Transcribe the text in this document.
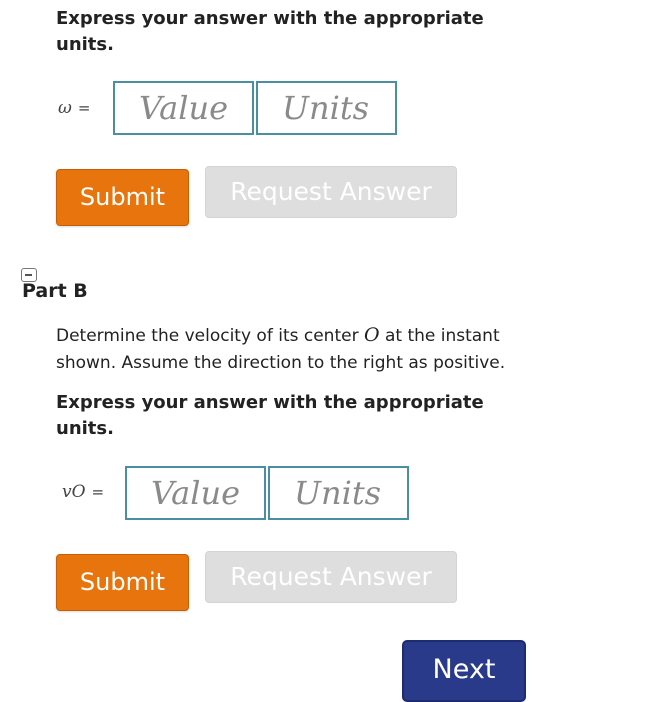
Express your answer with the appropriate units.
ω =
Value
Units
Submit	Request Answer
Part B
Determine the velocity of its center O at the instant shown. Assume the direction to the right as positive.
Express your answer with the appropriate units.
vO =
Value
Units
Submit	Request Answer
Next
